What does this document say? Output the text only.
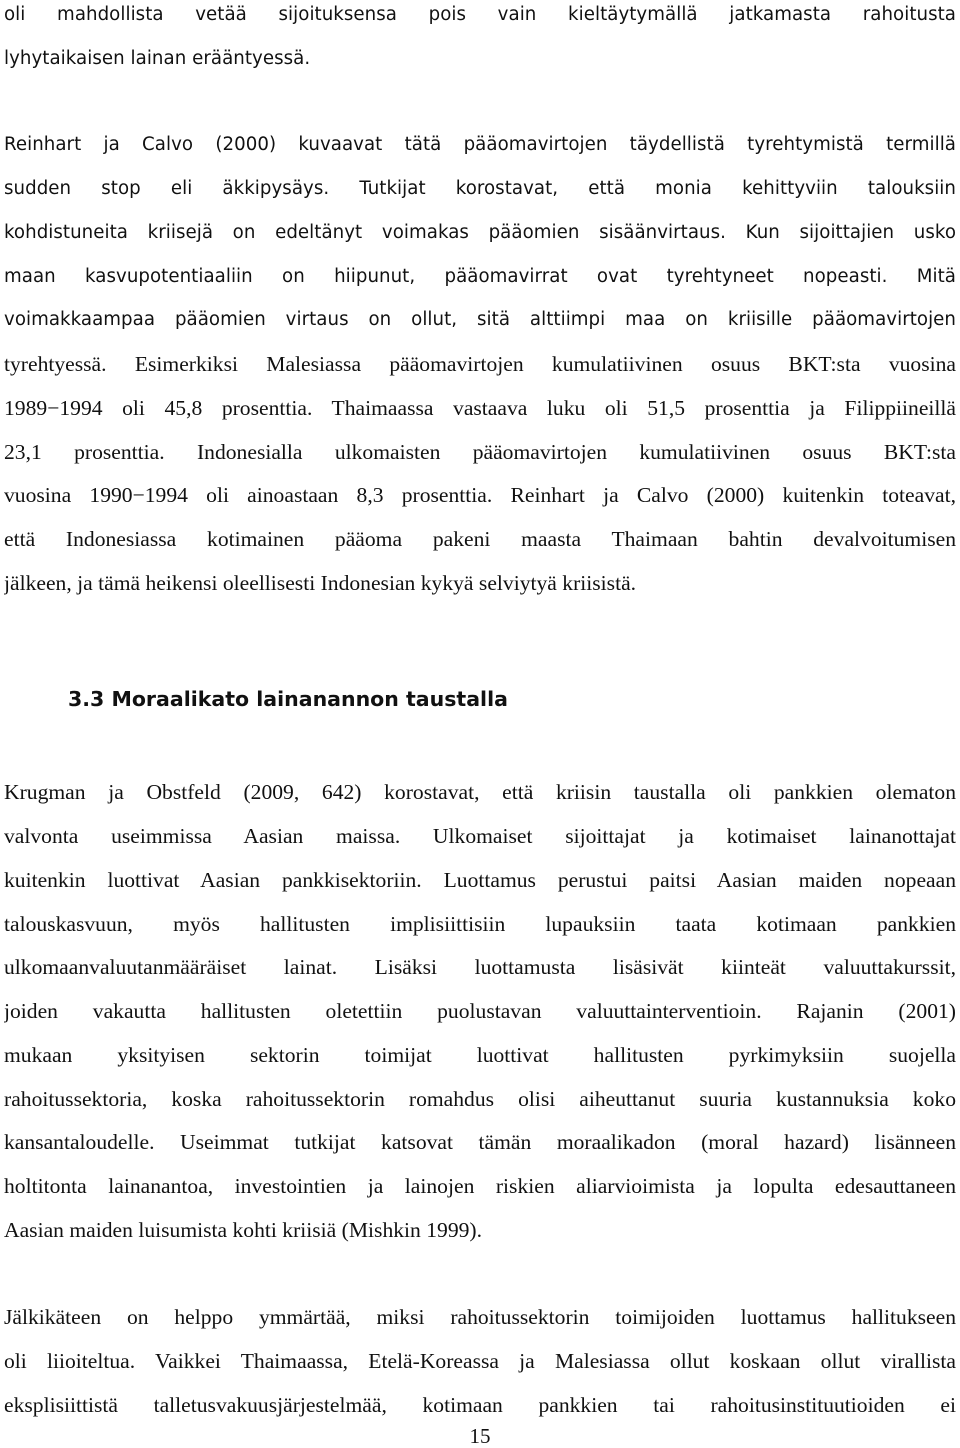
oli mahdollista vetää sijoituksensa pois vain kieltäytymällä jatkamasta rahoitusta
lyhytaikaisen lainan erääntyessä.
Reinhart ja Calvo (2000) kuvaavat tätä pääomavirtojen täydellistä tyrehtymistä termillä
sudden stop eli äkkipysäys. Tutkijat korostavat, että monia kehittyviin talouksiin
kohdistuneita kriisejä on edeltänyt voimakas pääomien sisäänvirtaus. Kun sijoittajien usko
maan kasvupotentiaaliin on hiipunut, pääomavirrat ovat tyrehtyneet nopeasti. Mitä
voimakkaampaa pääomien virtaus on ollut, sitä alttiimpi maa on kriisille pääomavirtojen
tyrehtyessä. Esimerkiksi Malesiassa pääomavirtojen kumulatiivinen osuus BKT:sta vuosina
1989−1994 oli 45,8 prosenttia. Thaimaassa vastaava luku oli 51,5 prosenttia ja Filippiineillä
23,1 prosenttia. Indonesialla ulkomaisten pääomavirtojen kumulatiivinen osuus BKT:sta
vuosina 1990−1994 oli ainoastaan 8,3 prosenttia. Reinhart ja Calvo (2000) kuitenkin toteavat,
että Indonesiassa kotimainen pääoma pakeni maasta Thaimaan bahtin devalvoitumisen
jälkeen, ja tämä heikensi oleellisesti Indonesian kykyä selviytyä kriisistä.
3.3 Moraalikato lainanannon taustalla
Krugman ja Obstfeld (2009, 642) korostavat, että kriisin taustalla oli pankkien olematon
valvonta useimmissa Aasian maissa. Ulkomaiset sijoittajat ja kotimaiset lainanottajat
kuitenkin luottivat Aasian pankkisektoriin. Luottamus perustui paitsi Aasian maiden nopeaan
talouskasvuun, myös hallitusten implisiittisiin lupauksiin taata kotimaan pankkien
ulkomaanvaluutanmääräiset lainat. Lisäksi luottamusta lisäsivät kiinteät valuuttakurssit,
joiden vakautta hallitusten oletettiin puolustavan valuuttainterventioin. Rajanin (2001)
mukaan yksityisen sektorin toimijat luottivat hallitusten pyrkimyksiin suojella
rahoitussektoria, koska rahoitussektorin romahdus olisi aiheuttanut suuria kustannuksia koko
kansantaloudelle. Useimmat tutkijat katsovat tämän moraalikadon (moral hazard) lisänneen
holtitonta lainanantoa, investointien ja lainojen riskien aliarvioimista ja lopulta edesauttaneen
Aasian maiden luisumista kohti kriisiä (Mishkin 1999).
Jälkikäteen on helppo ymmärtää, miksi rahoitussektorin toimijoiden luottamus hallitukseen
oli liioiteltua. Vaikkei Thaimaassa, Etelä-Koreassa ja Malesiassa ollut koskaan ollut virallista
eksplisiittistä talletusvakuusjärjestelmää, kotimaan pankkien tai rahoitusinstituutioiden ei
15
